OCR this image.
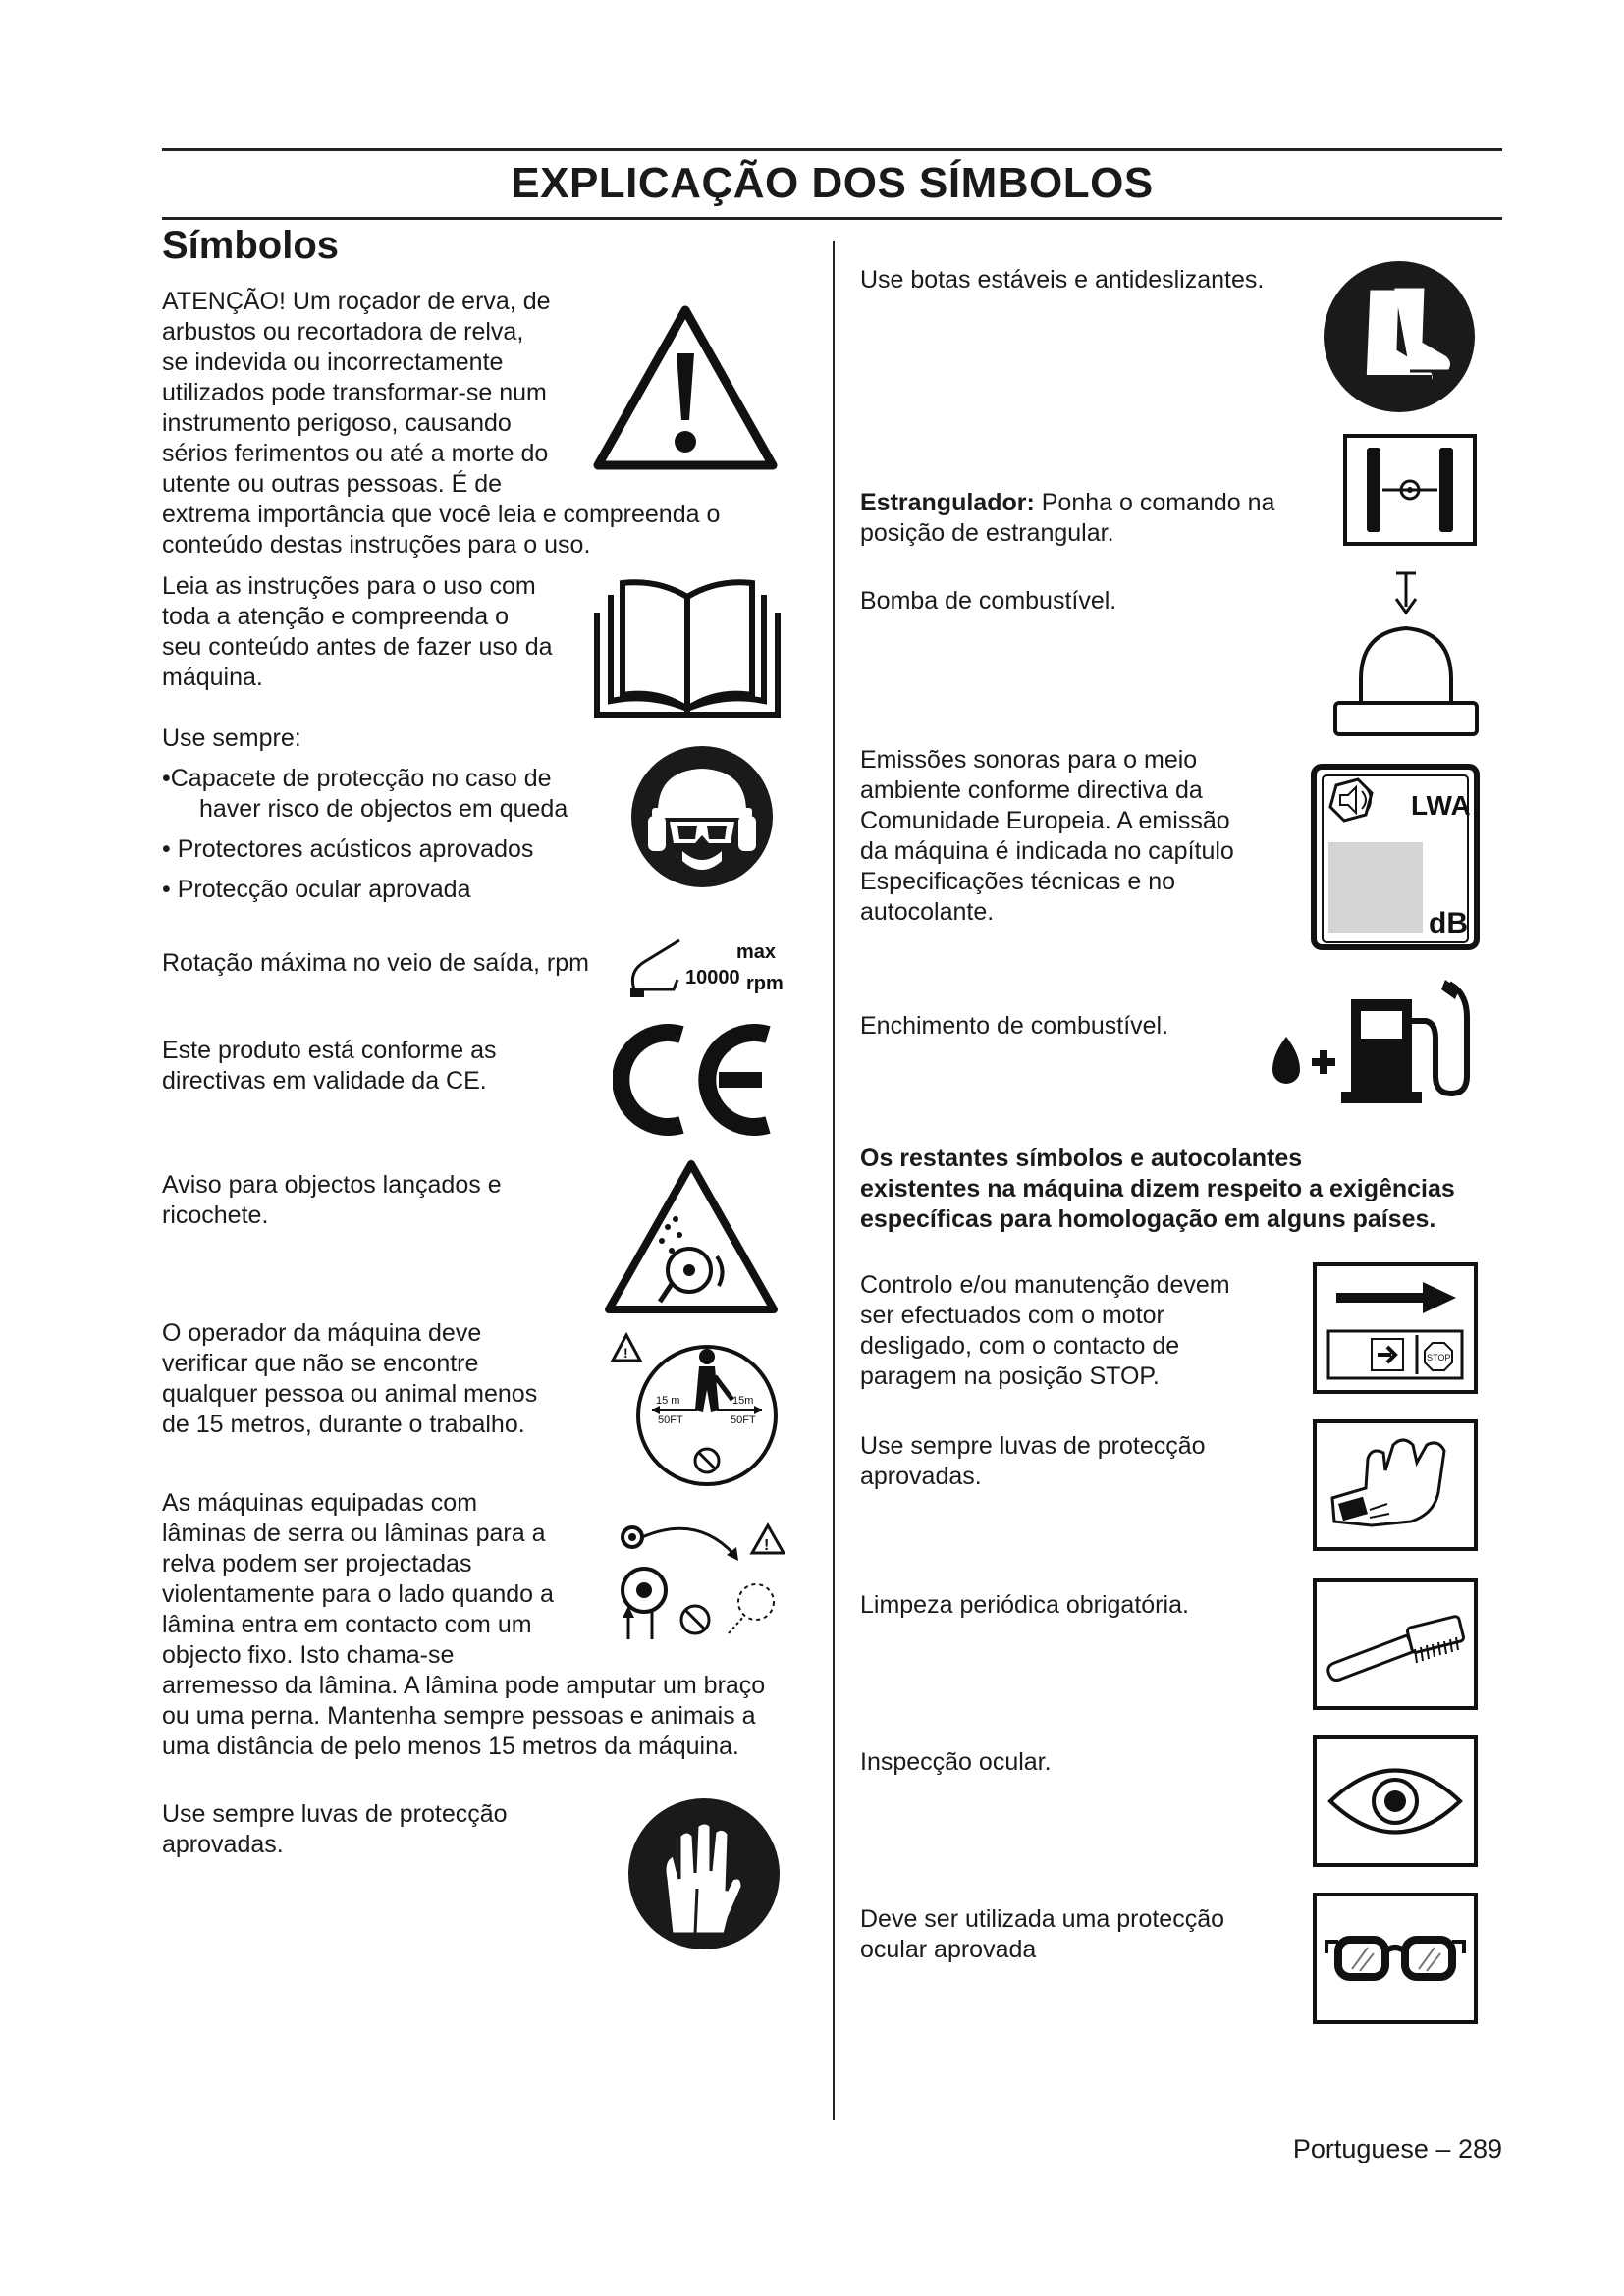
EXPLICAÇÃO DOS SÍMBOLOS
Símbolos
ATENÇÃO! Um roçador de erva, de
arbustos ou recortadora de relva,
se indevida ou incorrectamente
utilizados pode transformar-se num
instrumento perigoso, causando
sérios ferimentos ou até a morte do
utente ou outras pessoas. É de
extrema importância que você leia e compreenda o
conteúdo destas instruções para o uso.
Leia as instruções para o uso com
toda a atenção e compreenda o
seu conteúdo antes de fazer uso da
máquina.
Use sempre:
•Capacete de protecção no caso de
haver risco de objectos em queda
• Protectores acústicos aprovados
• Protecção ocular aprovada
Rotação máxima no veio de saída, rpm	max
10000 rpm
Este produto está conforme as
directivas em validade da CE.
Aviso para objectos lançados e
ricochete.
O operador da máquina deve
verificar que não se encontre
qualquer pessoa ou animal menos
de 15 metros, durante o trabalho.
!
15 m	15m
50FT	50FT
As máquinas equipadas com
lâminas de serra ou lâminas para a
relva podem ser projectadas
violentamente para o lado quando a
lâmina entra em contacto com um
objecto fixo. Isto chama-se
arremesso da lâmina. A lâmina pode amputar um braço
ou uma perna. Mantenha sempre pessoas e animais a
uma distância de pelo menos 15 metros da máquina.
!
Use sempre luvas de protecção
aprovadas.
Use botas estáveis e antideslizantes.
Estrangulador: Ponha o comando na
posição de estrangular.
Bomba de combustível.
Emissões sonoras para o meio
ambiente conforme directiva da
Comunidade Europeia. A emissão
da máquina é indicada no capítulo
Especificações técnicas e no
autocolante.
LWA
dB
Enchimento de combustível.
Os restantes símbolos e autocolantes
existentes na máquina dizem respeito a exigências
específicas para homologação em alguns países.
Controlo e/ou manutenção devem
ser efectuados com o motor
desligado, com o contacto de
paragem na posição STOP.
STOP
Use sempre luvas de protecção
aprovadas.
Limpeza periódica obrigatória.
Inspecção ocular.
Deve ser utilizada uma protecção
ocular aprovada
Portuguese – 289
